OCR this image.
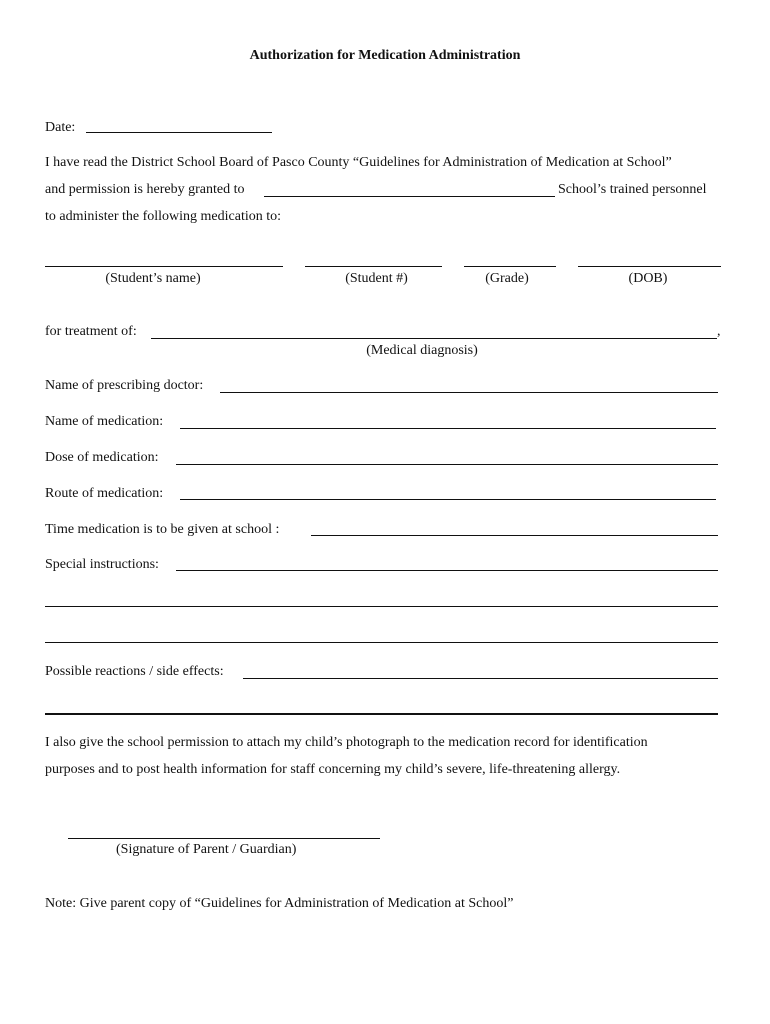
Authorization for Medication Administration
Date:
I have read the District School Board of Pasco County “Guidelines for Administration of Medication at School”
and permission is hereby granted to	School’s trained personnel
to administer the following medication to:
(Student’s name)	(Student #)	(Grade)	(DOB)
for treatment of:	,
(Medical diagnosis)
Name of prescribing doctor:
Name of medication:
Dose of medication:
Route of medication:
Time medication is to be given at school :
Special instructions:
Possible reactions / side effects:
I also give the school permission to attach my child’s photograph to the medication record for identification
purposes and to post health information for staff concerning my child’s severe, life-threatening allergy.
(Signature of Parent / Guardian)
Note: Give parent copy of “Guidelines for Administration of Medication at School”
